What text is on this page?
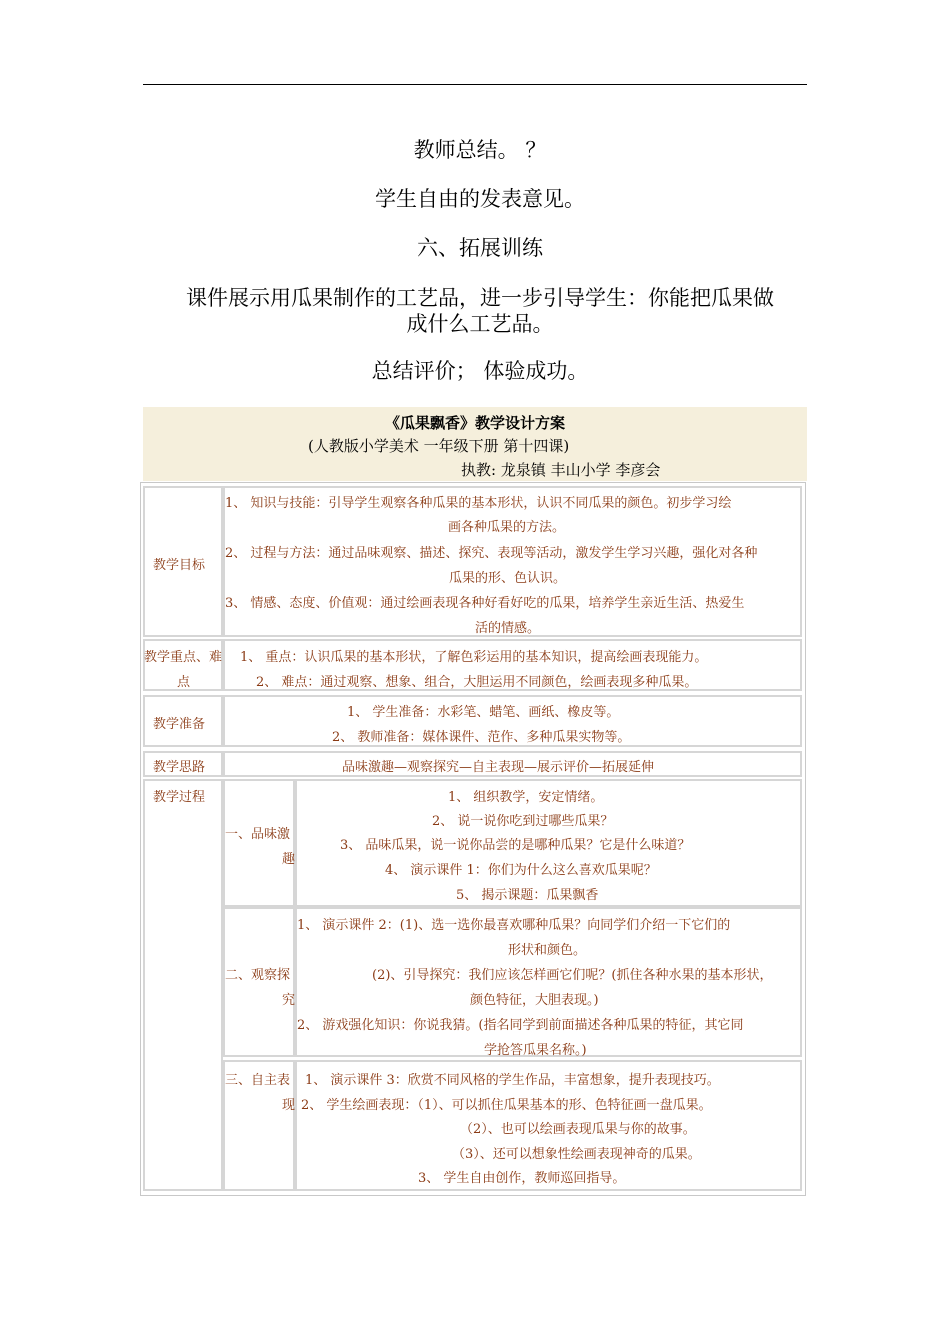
教师总结。 ？
学生自由的发表意见。
六、拓展训练
课件展示用瓜果制作的工艺品，进一步引导学生：你能把瓜果做
成什么工艺品。
总结评价； 体验成功。
《瓜果飘香》教学设计方案
(人教版小学美术 一年级下册 第十四课)
执教: 龙泉镇 丰山小学 李彦会
教学目标
1、 知识与技能：引导学生观察各种瓜果的基本形状，认识不同瓜果的颜色。初步学习绘
画各种瓜果的方法。
2、 过程与方法：通过品味观察、描述、探究、表现等活动，激发学生学习兴趣，强化对各种
瓜果的形、色认识。
3、 情感、态度、价值观：通过绘画表现各种好看好吃的瓜果，培养学生亲近生活、热爱生
活的情感。
教学重点、难
点
1、 重点：认识瓜果的基本形状，了解色彩运用的基本知识，提高绘画表现能力。
2、 难点：通过观察、想象、组合，大胆运用不同颜色，绘画表现多种瓜果。
教学准备
1、 学生准备：水彩笔、蜡笔、画纸、橡皮等。
2、 教师准备：媒体课件、范作、多种瓜果实物等。
教学思路	品味激趣—观察探究—自主表现—展示评价—拓展延伸
教学过程
一、品味激
趣
1、 组织教学，安定情绪。
2、 说一说你吃到过哪些瓜果？
3、 品味瓜果，说一说你品尝的是哪种瓜果？它是什么味道？
4、 演示课件 1：你们为什么这么喜欢瓜果呢？
5、 揭示课题：瓜果飘香
二、观察探
究
1、 演示课件 2：(1)、选一选你最喜欢哪种瓜果？向同学们介绍一下它们的
形状和颜色。
(2)、引导探究：我们应该怎样画它们呢？(抓住各种水果的基本形状，
颜色特征，大胆表现。)
2、 游戏强化知识：你说我猜。(指名同学到前面描述各种瓜果的特征，其它同
学抢答瓜果名称。)
三、自主表
现
1、 演示课件 3：欣赏不同风格的学生作品，丰富想象，提升表现技巧。
2、 学生绘画表现：（1）、可以抓住瓜果基本的形、色特征画一盘瓜果。
（2）、也可以绘画表现瓜果与你的故事。
（3）、还可以想象性绘画表现神奇的瓜果。
3、 学生自由创作，教师巡回指导。
